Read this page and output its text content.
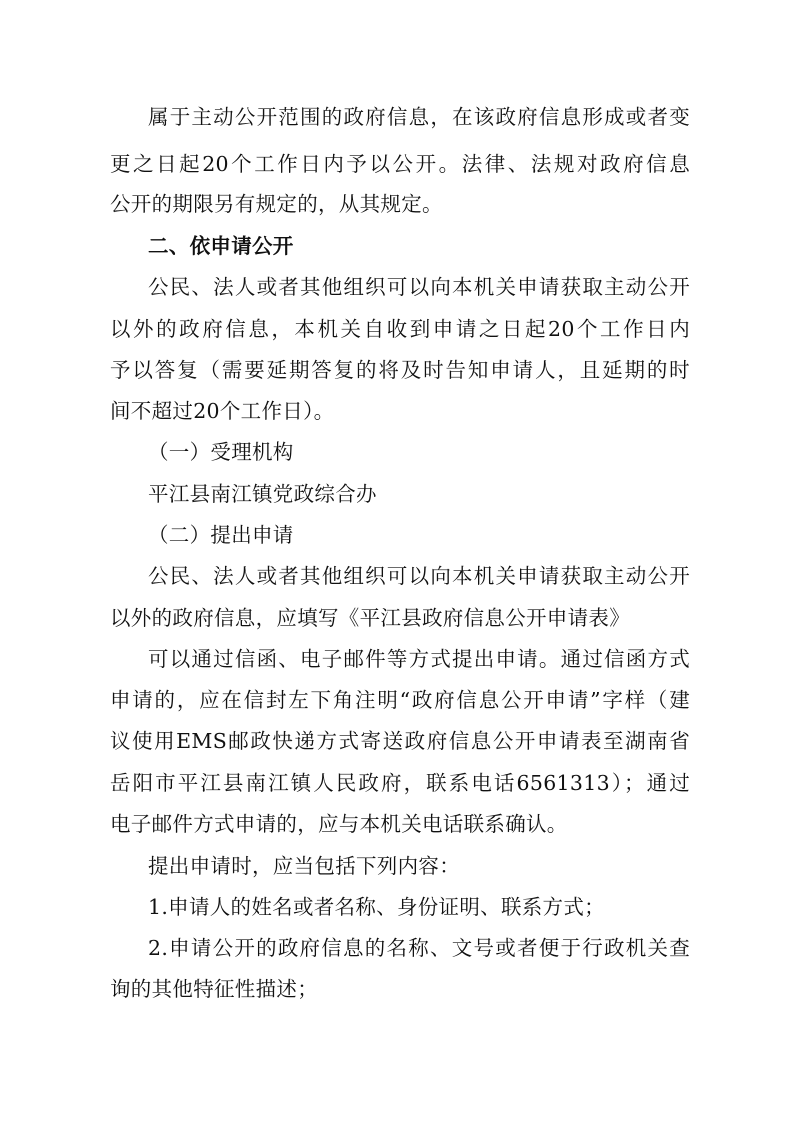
属于主动公开范围的政府信息，在该政府信息形成或者变
更之日起20个工作日内予以公开。法律、法规对政府信息
公开的期限另有规定的，从其规定。
二、依申请公开
公民、法人或者其他组织可以向本机关申请获取主动公开
以外的政府信息，本机关自收到申请之日起20个工作日内
予以答复（需要延期答复的将及时告知申请人，且延期的时
间不超过20个工作日）。
（一）受理机构
平江县南江镇党政综合办
（二）提出申请
公民、法人或者其他组织可以向本机关申请获取主动公开
以外的政府信息，应填写《平江县政府信息公开申请表》
可以通过信函、电子邮件等方式提出申请。通过信函方式
申请的，应在信封左下角注明“政府信息公开申请”字样（建
议使用EMS邮政快递方式寄送政府信息公开申请表至湖南省
岳阳市平江县南江镇人民政府，联系电话6561313）；通过
电子邮件方式申请的，应与本机关电话联系确认。
提出申请时，应当包括下列内容：
1.申请人的姓名或者名称、身份证明、联系方式；
2.申请公开的政府信息的名称、文号或者便于行政机关查
询的其他特征性描述；
